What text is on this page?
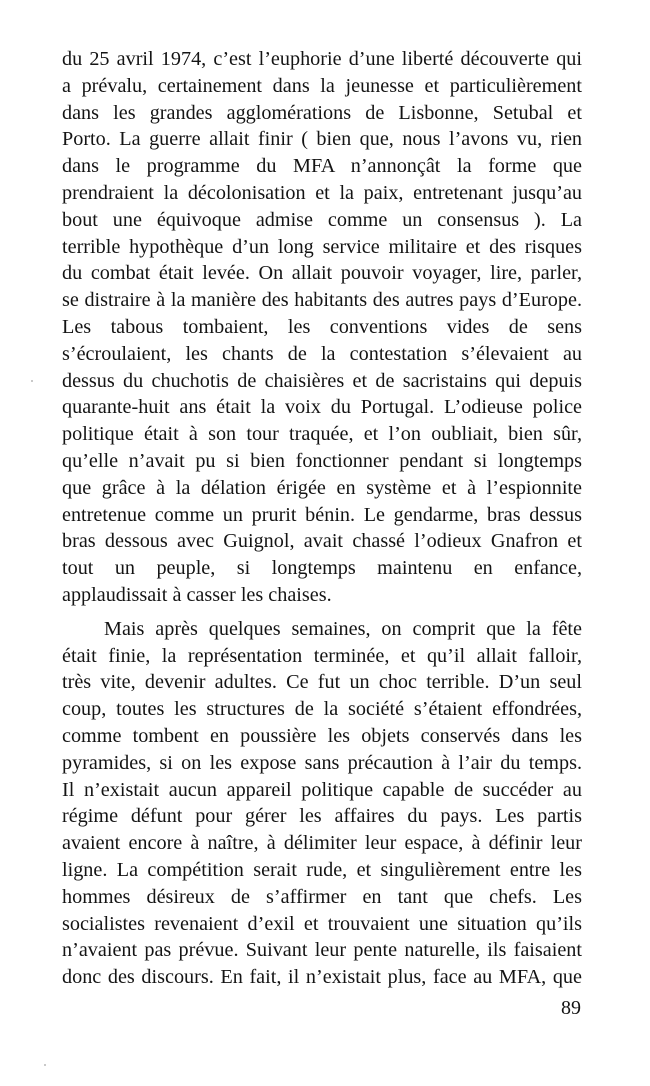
du 25 avril 1974, c’est l’euphorie d’une liberté découverte qui
a prévalu, certainement dans la jeunesse et particulièrement
dans les grandes agglomérations de Lisbonne, Setubal et
Porto. La guerre allait finir ( bien que, nous l’avons vu, rien
dans le programme du MFA n’annonçât la forme que
prendraient la décolonisation et la paix, entretenant jusqu’au
bout une équivoque admise comme un consensus ). La
terrible hypothèque d’un long service militaire et des risques
du combat était levée. On allait pouvoir voyager, lire, parler,
se distraire à la manière des habitants des autres pays d’Europe.
Les tabous tombaient, les conventions vides de sens
s’écroulaient, les chants de la contestation s’élevaient au
dessus du chuchotis de chaisières et de sacristains qui depuis
quarante-huit ans était la voix du Portugal. L’odieuse police
politique était à son tour traquée, et l’on oubliait, bien sûr,
qu’elle n’avait pu si bien fonctionner pendant si longtemps
que grâce à la délation érigée en système et à l’espionnite
entretenue comme un prurit bénin. Le gendarme, bras dessus
bras dessous avec Guignol, avait chassé l’odieux Gnafron et
tout un peuple, si longtemps maintenu en enfance,
applaudissait à casser les chaises.

Mais après quelques semaines, on comprit que la fête
était finie, la représentation terminée, et qu’il allait falloir,
très vite, devenir adultes. Ce fut un choc terrible. D’un seul
coup, toutes les structures de la société s’étaient effondrées,
comme tombent en poussière les objets conservés dans les
pyramides, si on les expose sans précaution à l’air du temps.
Il n’existait aucun appareil politique capable de succéder au
régime défunt pour gérer les affaires du pays. Les partis
avaient encore à naître, à délimiter leur espace, à définir leur
ligne. La compétition serait rude, et singulièrement entre les
hommes désireux de s’affirmer en tant que chefs. Les
socialistes revenaient d’exil et trouvaient une situation qu’ils
n’avaient pas prévue. Suivant leur pente naturelle, ils faisaient
donc des discours. En fait, il n’existait plus, face au MFA, que

89
